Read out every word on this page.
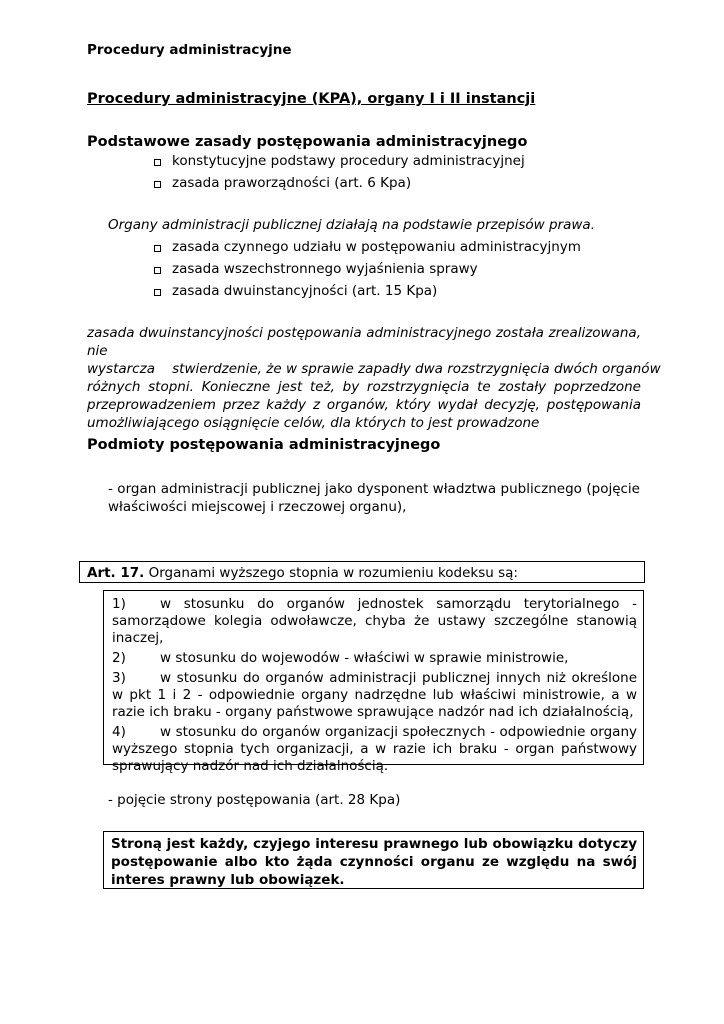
Procedury administracyjne
Procedury administracyjne (KPA), organy I i II instancji
Podstawowe zasady postępowania administracyjnego
konstytucyjne podstawy procedury administracyjnej
zasada praworządności (art. 6 Kpa)
Organy administracji publicznej działają na podstawie przepisów prawa.
zasada czynnego udziału w postępowaniu administracyjnym
zasada wszechstronnego wyjaśnienia sprawy
zasada dwuinstancyjności (art. 15 Kpa)
zasada dwuinstancyjności postępowania administracyjnego została zrealizowana, nie
wystarcza    stwierdzenie, że w sprawie zapadły dwa rozstrzygnięcia dwóch organów
różnych stopni. Konieczne jest też, by rozstrzygnięcia te zostały poprzedzone
przeprowadzeniem przez każdy z organów, który wydał decyzję, postępowania
umożliwiającego osiągnięcie celów, dla których to jest prowadzone
Podmioty postępowania administracyjnego
- organ administracji publicznej jako dysponent władztwa publicznego (pojęcie
właściwości miejscowej i rzeczowej organu),
Art. 17. Organami wyższego stopnia w rozumieniu kodeksu są:

1)	w stosunku do organów jednostek samorządu terytorialnego - samorządowe kolegia odwoławcze, chyba że ustawy szczególne stanowią inaczej,

2)	w stosunku do wojewodów - właściwi w sprawie ministrowie,

3)	w stosunku do organów administracji publicznej innych niż określone w pkt 1 i 2 - odpowiednie organy nadrzędne lub właściwi ministrowie, a w razie ich braku - organy państwowe sprawujące nadzór nad ich działalnością,

4)	w stosunku do organów organizacji społecznych - odpowiednie organy wyższego stopnia tych organizacji, a w razie ich braku - organ państwowy sprawujący nadzór nad ich działalnością.

- pojęcie strony postępowania (art. 28 Kpa)
Stroną jest każdy, czyjego interesu prawnego lub obowiązku dotyczy postępowanie albo kto żąda czynności organu ze względu na swój interes prawny lub obowiązek.
